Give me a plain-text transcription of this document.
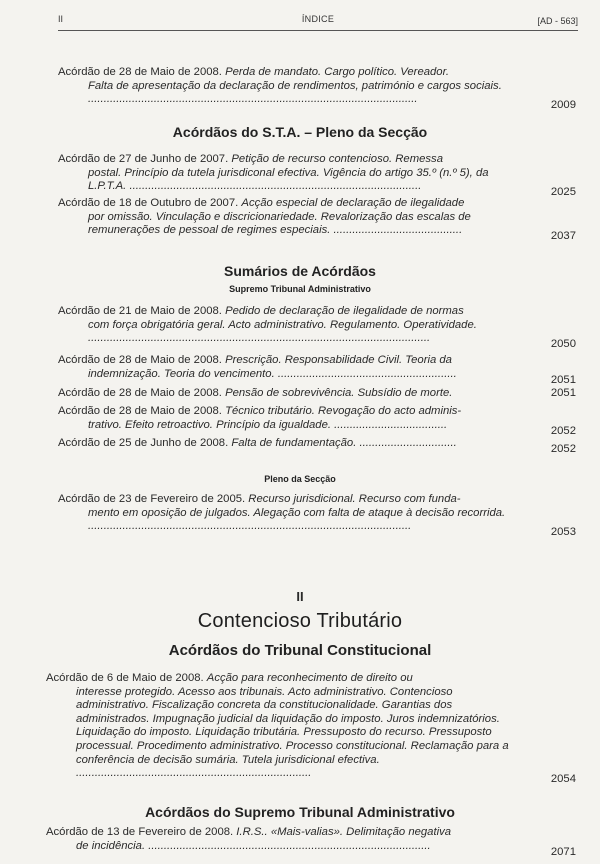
II	ÍNDICE	[AD - 563]
Acórdão de 28 de Maio de 2008. Perda de mandato. Cargo político. Vereador.
Falta de apresentação da declaração de rendimentos, património e cargos sociais. .........................................................................................................	2009
Acórdãos do S.T.A. – Pleno da Secção
Acórdão de 27 de Junho de 2007. Petição de recurso contencioso. Remessa
postal. Princípio da tutela jurisdiconal efectiva. Vigência do artigo 35.º (n.º 5), da L.P.T.A. .............................................................................................	2025
Acórdão de 18 de Outubro de 2007. Acção especial de declaração de ilegalidade
por omissão. Vinculação e discricionariedade. Revalorização das escalas de remunerações de pessoal de regimes especiais. .........................................	2037
Sumários de Acórdãos
Supremo Tribunal Administrativo
Acórdão de 21 de Maio de 2008. Pedido de declaração de ilegalidade de normas
com força obrigatória geral. Acto administrativo. Regulamento. Operatividade. .............................................................................................................	2050
Acórdão de 28 de Maio de 2008. Prescrição. Responsabilidade Civil. Teoria da
indemnização. Teoria do vencimento. .........................................................	2051
Acórdão de 28 de Maio de 2008. Pensão de sobrevivência. Subsídio de morte.	2051
Acórdão de 28 de Maio de 2008. Técnico tributário. Revogação do acto adminis-
trativo. Efeito retroactivo. Princípio da igualdade. ....................................	2052
Acórdão de 25 de Junho de 2008. Falta de fundamentação. ...............................	2052
Pleno da Secção
Acórdão de 23 de Fevereiro de 2005. Recurso jurisdicional. Recurso com funda-
mento em oposição de julgados. Alegação com falta de ataque à decisão recorrida. .......................................................................................................	2053
II
Contencioso Tributário
Acórdãos do Tribunal Constitucional
Acórdão de 6 de Maio de 2008. Acção para reconhecimento de direito ou
interesse protegido. Acesso aos tribunais. Acto administrativo. Contencioso administrativo. Fiscalização concreta da constitucionalidade. Garantias dos administrados. Impugnação judicial da liquidação do imposto. Juros indemnizatórios. Liquidação do imposto. Liquidação tributária. Pressuposto do recurso. Pressuposto processual. Procedimento administrativo. Processo constitucional. Reclamação para a conferência de decisão sumária. Tutela jurisdicional efectiva. ...........................................................................	2054
Acórdãos do Supremo Tribunal Administrativo
Acórdão de 13 de Fevereiro de 2008. I.R.S.. «Mais-valias». Delimitação negativa
de incidência. ..........................................................................................	2071
